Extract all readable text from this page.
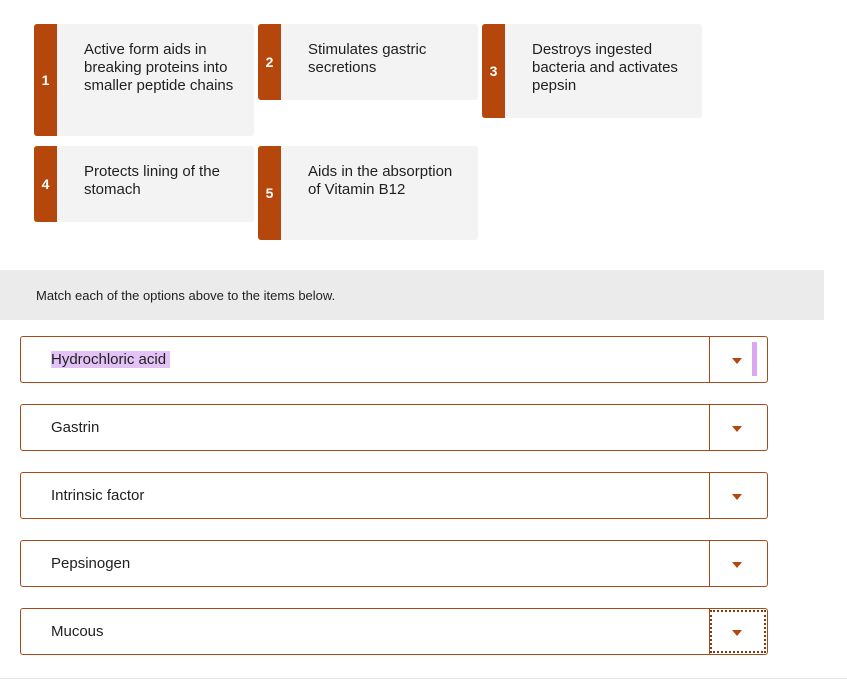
1
Active form aids in breaking proteins into smaller peptide chains
2
Stimulates gastric secretions	3
Destroys ingested bacteria and activates pepsin
4
Protects lining of the stomach	5
Aids in the absorption of Vitamin B12
Match each of the options above to the items below.
Hydrochloric acid
Gastrin
Intrinsic factor
Pepsinogen
Mucous
